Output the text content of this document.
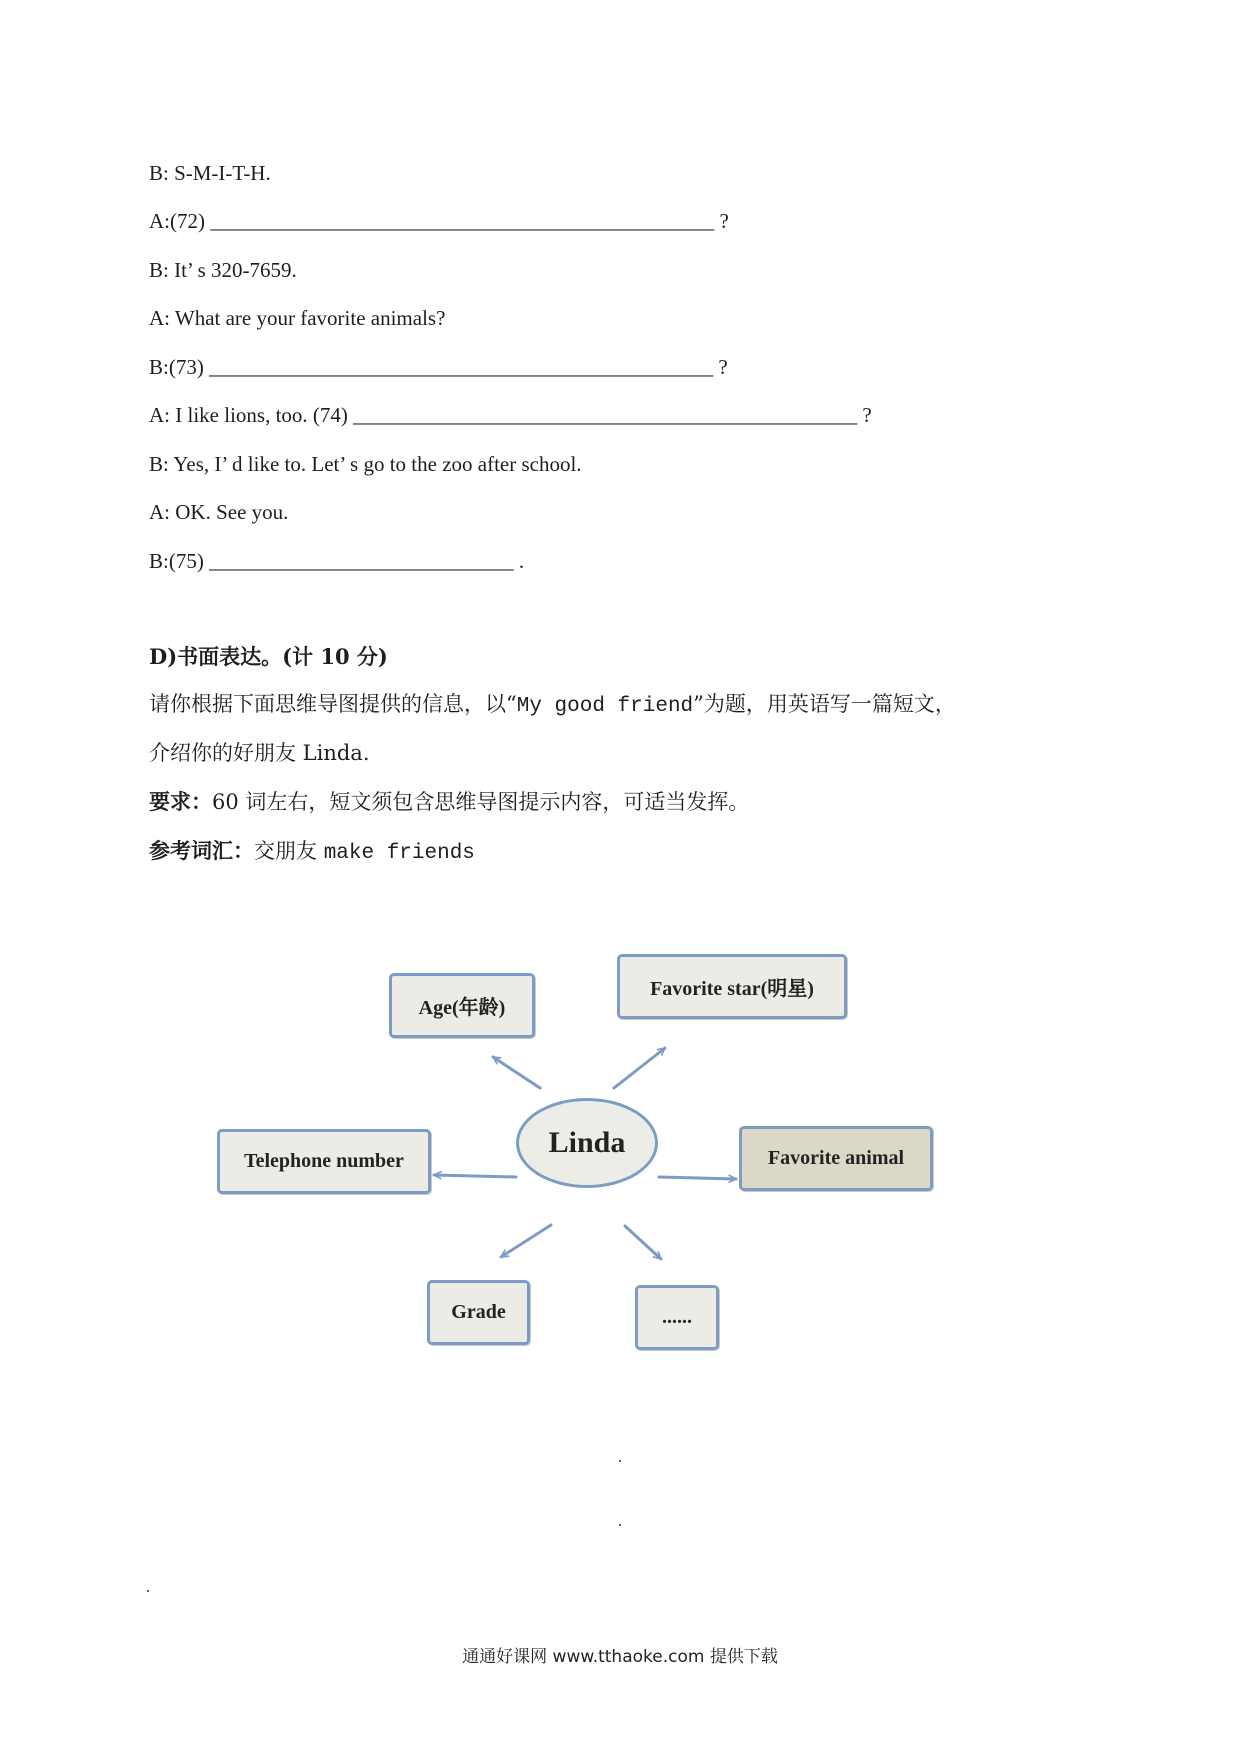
B: S-M-I-T-H.
A:(72) ________________________________________________ ?
B: It’ s 320-7659.
A: What are your favorite animals?
B:(73) ________________________________________________ ?
A: I like lions, too. (74) ________________________________________________ ?
B: Yes, I’ d like to. Let’ s go to the zoo after school.
A: OK. See you.
B:(75) _____________________________ .
D)书面表达。(计 10 分)
请你根据下面思维导图提供的信息，以“My good friend”为题，用英语写一篇短文，
介绍你的好朋友 Linda.
要求：60 词左右，短文须包含思维导图提示内容，可适当发挥。
参考词汇：交朋友 make friends
Linda
Age(年龄)
Favorite star(明星)
Telephone number	Favorite animal
Grade	......
通通好课网 www.tthaoke.com 提供下载
